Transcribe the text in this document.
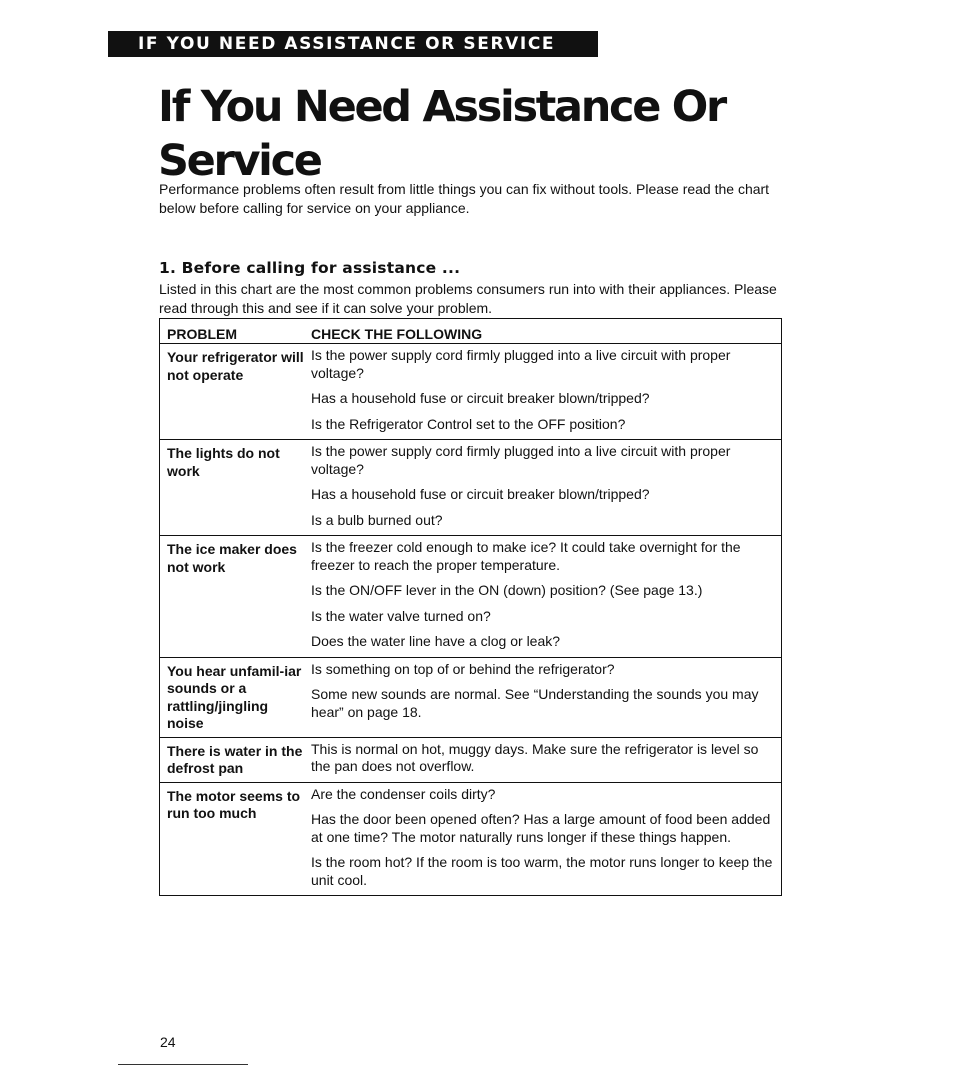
IF YOU NEED ASSISTANCE OR SERVICE
If You Need Assistance Or Service

Performance problems often result from little things you can fix without tools. Please read the chart below before calling for service on your appliance.

1. Before calling for assistance ...

Listed in this chart are the most common problems consumers run into with their appliances. Please read through this and see if it can solve your problem.

PROBLEM	CHECK THE FOLLOWING
Your refrigerator will not operate

Is the power supply cord firmly plugged into a live circuit with proper voltage?

Has a household fuse or circuit breaker blown/tripped?

Is the Refrigerator Control set to the OFF position?

The lights do not work

Is the power supply cord firmly plugged into a live circuit with proper voltage?

Has a household fuse or circuit breaker blown/tripped?

Is a bulb burned out?

The ice maker does not work

Is the freezer cold enough to make ice? It could take overnight for the freezer to reach the proper temperature.

Is the ON/OFF lever in the ON (down) position? (See page 13.)

Is the water valve turned on?

Does the water line have a clog or leak?

You hear unfamil-iar sounds or a rattling/jingling noise

Is something on top of or behind the refrigerator?

Some new sounds are normal. See “Understanding the sounds you may hear” on page 18.

There is water in the defrost pan

This is normal on hot, muggy days. Make sure the refrigerator is level so the pan does not overflow.

The motor seems to run too much

Are the condenser coils dirty?

Has the door been opened often? Has a large amount of food been added at one time? The motor naturally runs longer if these things happen.

Is the room hot? If the room is too warm, the motor runs longer to keep the unit cool.

24
